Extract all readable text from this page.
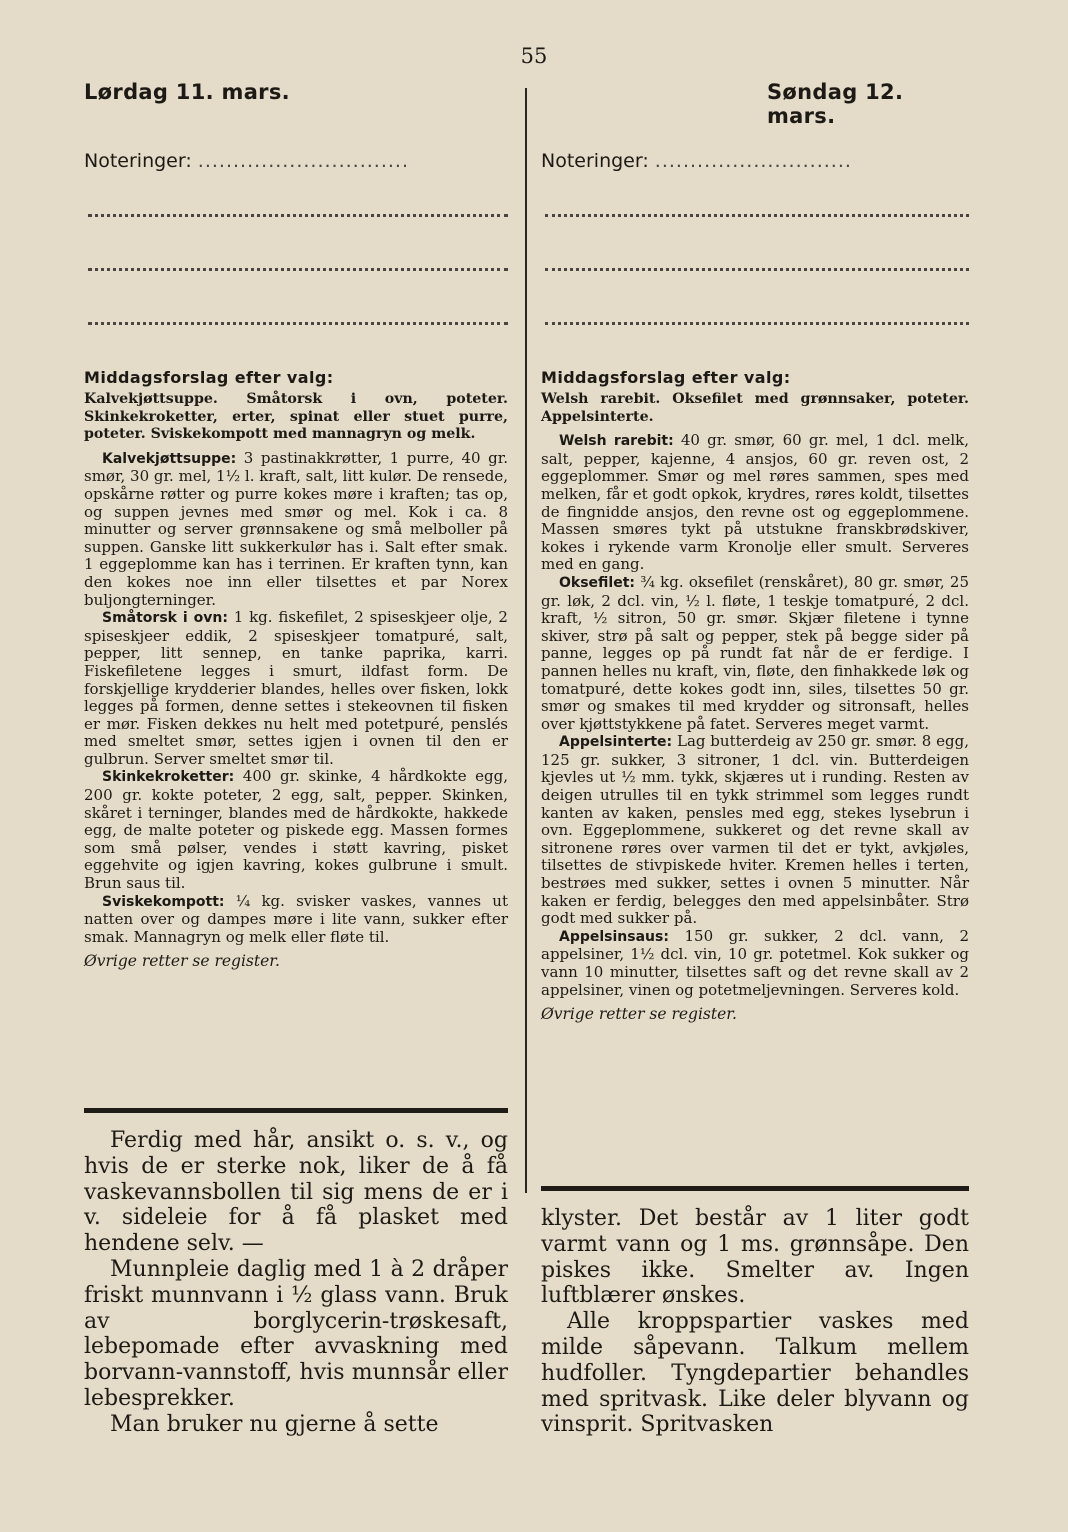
55
Lørdag 11. mars.
Noteringer: ..............................
Middagsforslag efter valg:
Kalvekjøttsuppe. Småtorsk i ovn, poteter. Skinkekroketter, erter, spinat eller stuet purre, poteter. Sviskekompott med mannagryn og melk.

Kalvekjøttsuppe: 3 pastinakkrøtter, 1 purre, 40 gr. smør, 30 gr. mel, 1½ l. kraft, salt, litt kulør. De rensede, opskårne røtter og purre kokes møre i kraften; tas op, og suppen jevnes med smør og mel. Kok i ca. 8 minutter og server grønnsakene og små melboller på suppen. Ganske litt sukkerkulør has i. Salt efter smak. 1 eggeplomme kan has i terrinen. Er kraften tynn, kan den kokes noe inn eller tilsettes et par Norex buljongterninger.

Småtorsk i ovn: 1 kg. fiskefilet, 2 spiseskjeer olje, 2 spiseskjeer eddik, 2 spiseskjeer tomatpuré, salt, pepper, litt sennep, en tanke paprika, karri. Fiskefiletene legges i smurt, ildfast form. De forskjellige krydderier blandes, helles over fisken, lokk legges på formen, denne settes i stekeovnen til fisken er mør. Fisken dekkes nu helt med potetpuré, penslés med smeltet smør, settes igjen i ovnen til den er gulbrun. Server smeltet smør til.

Skinkekroketter: 400 gr. skinke, 4 hårdkokte egg, 200 gr. kokte poteter, 2 egg, salt, pepper. Skinken, skåret i terninger, blandes med de hårdkokte, hakkede egg, de malte poteter og piskede egg. Massen formes som små pølser, vendes i støtt kavring, pisket eggehvite og igjen kavring, kokes gulbrune i smult. Brun saus til.

Sviskekompott: ¼ kg. svisker vaskes, vannes ut natten over og dampes møre i lite vann, sukker efter smak. Mannagryn og melk eller fløte til.

Øvrige retter se register.

Ferdig med hår, ansikt o. s. v., og hvis de er sterke nok, liker de å få vaskevannsbollen til sig mens de er i v. sideleie for å få plasket med hendene selv. —

Munnpleie daglig med 1 à 2 dråper friskt munnvann i ½ glass vann. Bruk av borglycerin-trøskesaft, lebepomade efter avvaskning med borvann-vannstoff, hvis munnsår eller lebesprekker.

Man bruker nu gjerne å sette

Søndag 12. mars.
Noteringer: ............................
Middagsforslag efter valg:
Welsh rarebit. Oksefilet med grønnsaker, poteter. Appelsinterte.

Welsh rarebit: 40 gr. smør, 60 gr. mel, 1 dcl. melk, salt, pepper, kajenne, 4 ansjos, 60 gr. reven ost, 2 eggeplommer. Smør og mel røres sammen, spes med melken, får et godt opkok, krydres, røres koldt, tilsettes de fingnidde ansjos, den revne ost og eggeplommene. Massen smøres tykt på utstukne franskbrødskiver, kokes i rykende varm Kronolje eller smult. Serveres med en gang.

Oksefilet: ¾ kg. oksefilet (renskåret), 80 gr. smør, 25 gr. løk, 2 dcl. vin, ½ l. fløte, 1 teskje tomatpuré, 2 dcl. kraft, ½ sitron, 50 gr. smør. Skjær filetene i tynne skiver, strø på salt og pepper, stek på begge sider på panne, legges op på rundt fat når de er ferdige. I pannen helles nu kraft, vin, fløte, den finhakkede løk og tomatpuré, dette kokes godt inn, siles, tilsettes 50 gr. smør og smakes til med krydder og sitronsaft, helles over kjøttstykkene på fatet. Serveres meget varmt.

Appelsinterte: Lag butterdeig av 250 gr. smør. 8 egg, 125 gr. sukker, 3 sitroner, 1 dcl. vin. Butterdeigen kjevles ut ½ mm. tykk, skjæres ut i runding. Resten av deigen utrulles til en tykk strimmel som legges rundt kanten av kaken, pensles med egg, stekes lysebrun i ovn. Eggeplommene, sukkeret og det revne skall av sitronene røres over varmen til det er tykt, avkjøles, tilsettes de stivpiskede hviter. Kremen helles i terten, bestrøes med sukker, settes i ovnen 5 minutter. Når kaken er ferdig, belegges den med appelsinbåter. Strø godt med sukker på.

Appelsinsaus: 150 gr. sukker, 2 dcl. vann, 2 appelsiner, 1½ dcl. vin, 10 gr. potetmel. Kok sukker og vann 10 minutter, tilsettes saft og det revne skall av 2 appelsiner, vinen og potetmeljevningen. Serveres kold.

Øvrige retter se register.

klyster. Det består av 1 liter godt varmt vann og 1 ms. grønnsåpe. Den piskes ikke. Smelter av. Ingen luftblærer ønskes.

Alle kroppspartier vaskes med milde såpevann. Talkum mellem hudfoller. Tyngdepartier behandles med spritvask. Like deler blyvann og vinsprit. Spritvasken
